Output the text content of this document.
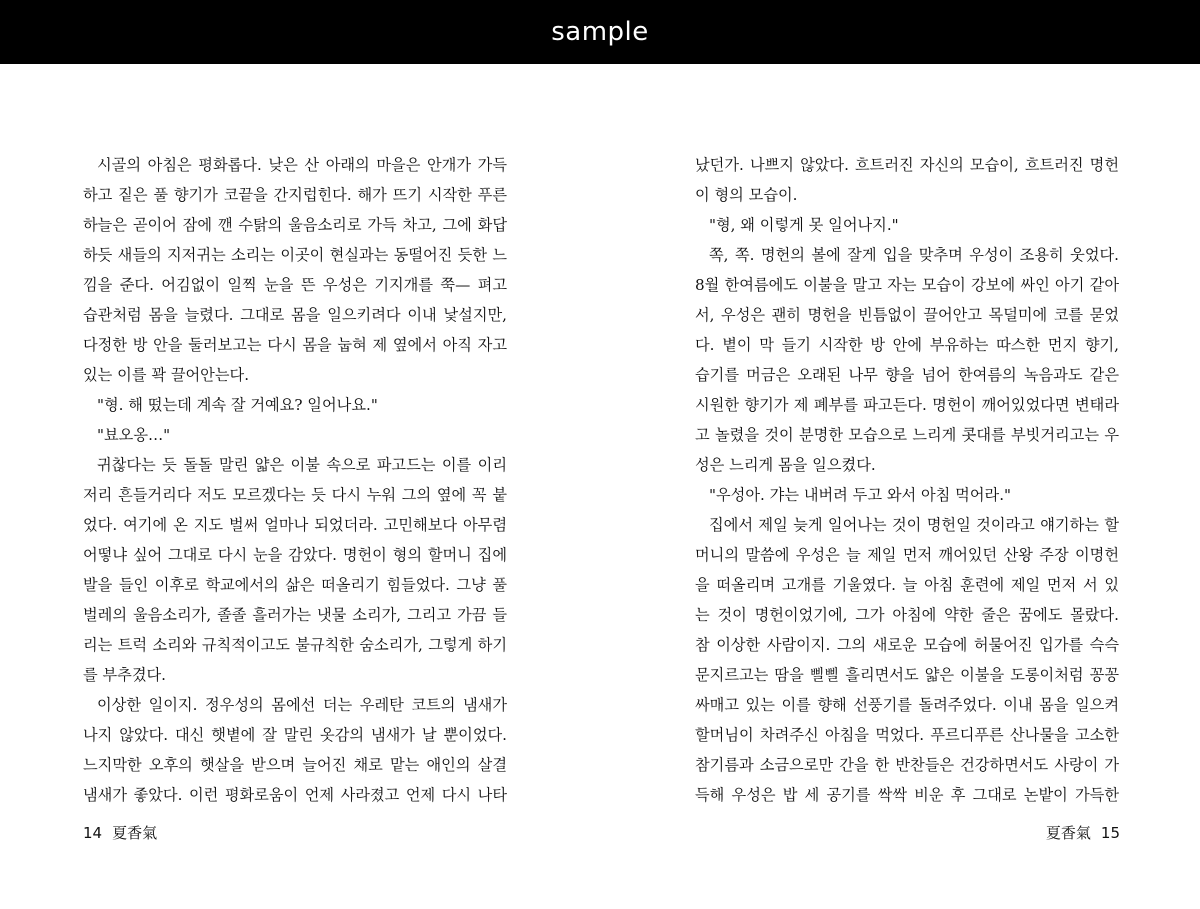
sample
시골의 아침은 평화롭다. 낮은 산 아래의 마을은 안개가 가득
하고 짙은 풀 향기가 코끝을 간지럽힌다. 해가 뜨기 시작한 푸른
하늘은 곧이어 잠에 깬 수탉의 울음소리로 가득 차고, 그에 화답
하듯 새들의 지저귀는 소리는 이곳이 현실과는 동떨어진 듯한 느
낌을 준다. 어김없이 일찍 눈을 뜬 우성은 기지개를 쭉— 펴고
습관처럼 몸을 늘렸다. 그대로 몸을 일으키려다 이내 낯설지만,
다정한 방 안을 둘러보고는 다시 몸을 눕혀 제 옆에서 아직 자고
있는 이를 꽉 끌어안는다.
"형. 해 떴는데 계속 잘 거예요? 일어나요."
"뵤오옹…"
귀찮다는 듯 돌돌 말린 얇은 이불 속으로 파고드는 이를 이리
저리 흔들거리다 저도 모르겠다는 듯 다시 누워 그의 옆에 꼭 붙
었다. 여기에 온 지도 벌써 얼마나 되었더라. 고민해보다 아무렴
어떻냐 싶어 그대로 다시 눈을 감았다. 명헌이 형의 할머니 집에
발을 들인 이후로 학교에서의 삶은 떠올리기 힘들었다. 그냥 풀
벌레의 울음소리가, 졸졸 흘러가는 냇물 소리가, 그리고 가끔 들
리는 트럭 소리와 규칙적이고도 불규칙한 숨소리가, 그렇게 하기
를 부추겼다.
이상한 일이지. 정우성의 몸에선 더는 우레탄 코트의 냄새가
나지 않았다. 대신 햇볕에 잘 말린 옷감의 냄새가 날 뿐이었다.
느지막한 오후의 햇살을 받으며 늘어진 채로 맡는 애인의 살결
냄새가 좋았다. 이런 평화로움이 언제 사라졌고 언제 다시 나타
났던가. 나쁘지 않았다. 흐트러진 자신의 모습이, 흐트러진 명헌
이 형의 모습이.
"형, 왜 이렇게 못 일어나지."
쪽, 쪽. 명헌의 볼에 잘게 입을 맞추며 우성이 조용히 웃었다.
8월 한여름에도 이불을 말고 자는 모습이 강보에 싸인 아기 같아
서, 우성은 괜히 명헌을 빈틈없이 끌어안고 목덜미에 코를 묻었
다. 볕이 막 들기 시작한 방 안에 부유하는 따스한 먼지 향기,
습기를 머금은 오래된 나무 향을 넘어 한여름의 녹음과도 같은
시원한 향기가 제 폐부를 파고든다. 명헌이 깨어있었다면 변태라
고 놀렸을 것이 분명한 모습으로 느리게 콧대를 부빗거리고는 우
성은 느리게 몸을 일으켰다.
"우성아. 갸는 내버려 두고 와서 아침 먹어라."
집에서 제일 늦게 일어나는 것이 명헌일 것이라고 얘기하는 할
머니의 말씀에 우성은 늘 제일 먼저 깨어있던 산왕 주장 이명헌
을 떠올리며 고개를 기울였다. 늘 아침 훈련에 제일 먼저 서 있
는 것이 명헌이었기에, 그가 아침에 약한 줄은 꿈에도 몰랐다.
참 이상한 사람이지. 그의 새로운 모습에 허물어진 입가를 슥슥
문지르고는 땀을 삘삘 흘리면서도 얇은 이불을 도롱이처럼 꽁꽁
싸매고 있는 이를 향해 선풍기를 돌려주었다. 이내 몸을 일으켜
할머님이 차려주신 아침을 먹었다. 푸르디푸른 산나물을 고소한
참기름과 소금으로만 간을 한 반찬들은 건강하면서도 사랑이 가
득해 우성은 밥 세 공기를 싹싹 비운 후 그대로 논밭이 가득한
14 夏香氣	夏香氣 15
